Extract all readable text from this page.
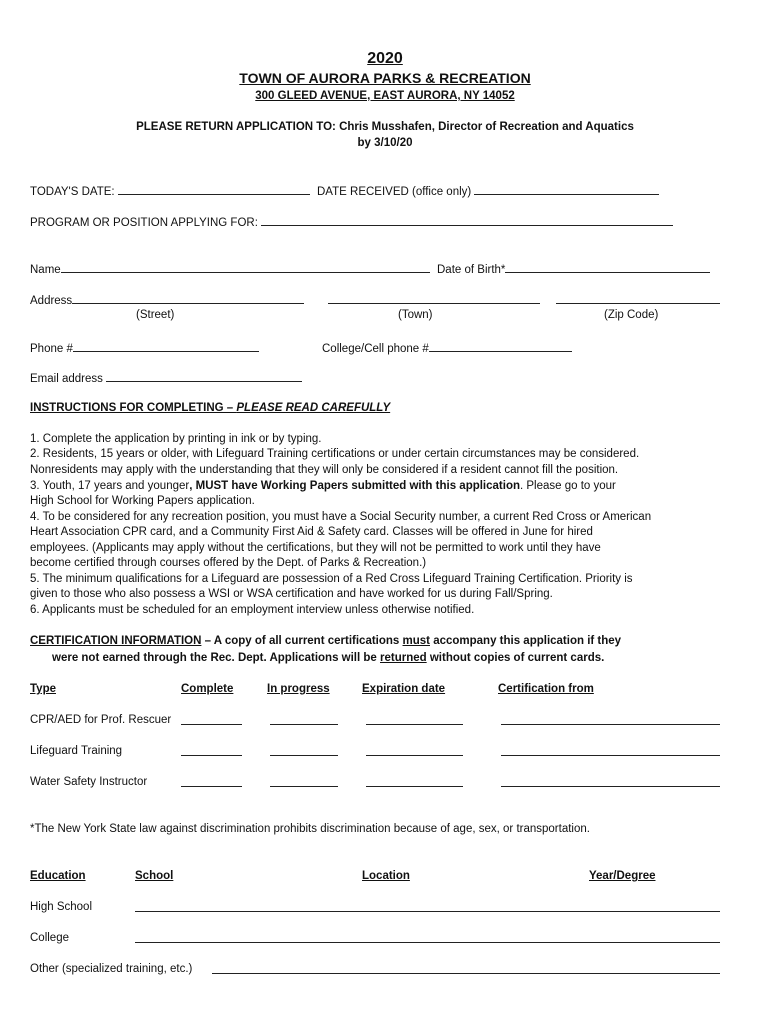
2020
TOWN OF AURORA PARKS & RECREATION
300 GLEED AVENUE, EAST AURORA, NY 14052
PLEASE RETURN APPLICATION TO: Chris Musshafen, Director of Recreation and Aquatics
by 3/10/20
TODAY'S DATE:	DATE RECEIVED (office only)
PROGRAM OR POSITION APPLYING FOR:
Name	Date of Birth*
Address
(Street)	(Town)	(Zip Code)
Phone #	College/Cell phone #
Email address
INSTRUCTIONS FOR COMPLETING – PLEASE READ CAREFULLY
1. Complete the application by printing in ink or by typing.
2. Residents, 15 years or older, with Lifeguard Training certifications or under certain circumstances may be considered.
Nonresidents may apply with the understanding that they will only be considered if a resident cannot fill the position.
3. Youth, 17 years and younger, MUST have Working Papers submitted with this application. Please go to your
High School for Working Papers application.
4. To be considered for any recreation position, you must have a Social Security number, a current Red Cross or American
Heart Association CPR card, and a Community First Aid & Safety card. Classes will be offered in June for hired
employees. (Applicants may apply without the certifications, but they will not be permitted to work until they have
become certified through courses offered by the Dept. of Parks & Recreation.)
5. The minimum qualifications for a Lifeguard are possession of a Red Cross Lifeguard Training Certification. Priority is
given to those who also possess a WSI or WSA certification and have worked for us during Fall/Spring.
6. Applicants must be scheduled for an employment interview unless otherwise notified.
CERTIFICATION INFORMATION – A copy of all current certifications must accompany this application if they
were not earned through the Rec. Dept. Applications will be returned without copies of current cards.
Type	Complete	In progress	Expiration date	Certification from
CPR/AED for Prof. Rescuer
Lifeguard Training
Water Safety Instructor
*The New York State law against discrimination prohibits discrimination because of age, sex, or transportation.
Education	School	Location	Year/Degree
High School
College
Other (specialized training, etc.)
